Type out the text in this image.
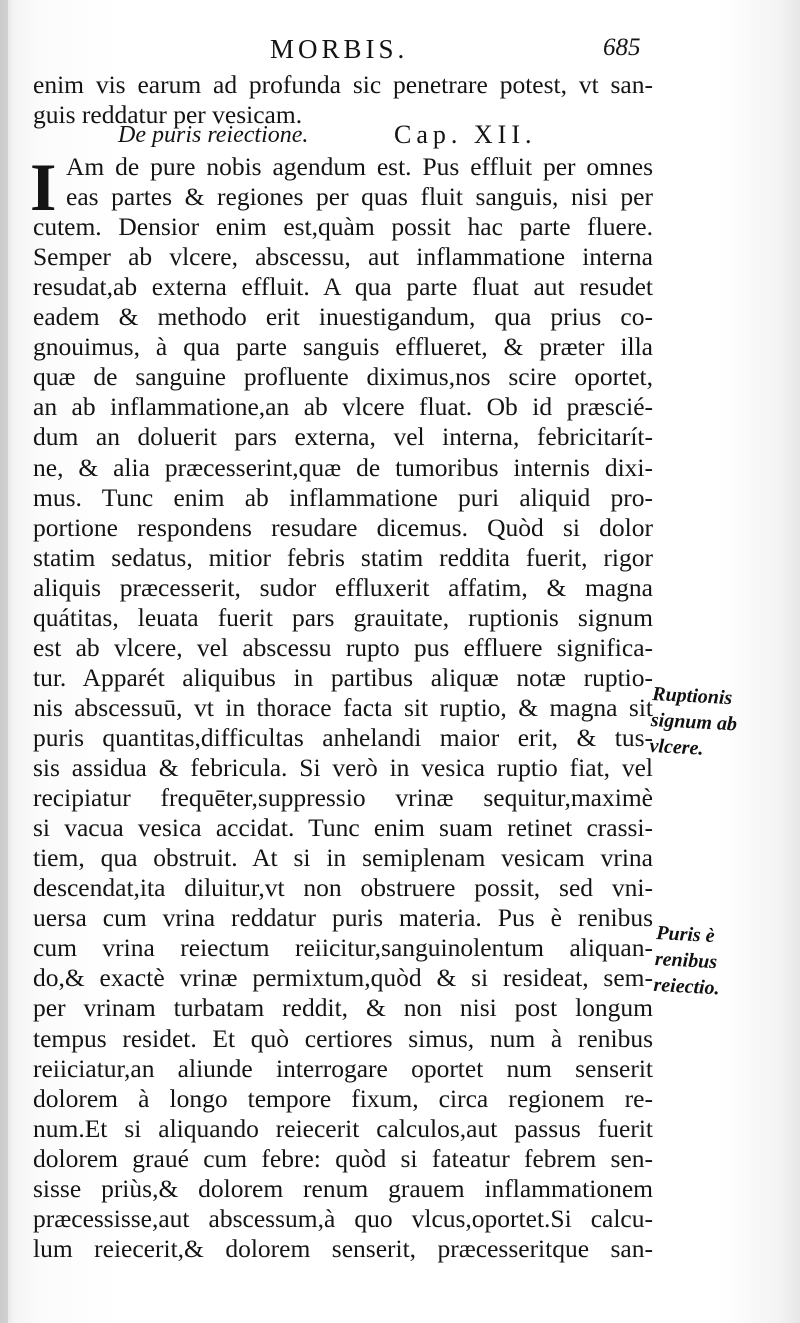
MORBIS.	685
enim vis earum ad profunda sic penetrare potest, vt san-
guis reddatur per vesicam.
De puris reiectione.	Cap. XII.
I Am de pure nobis agendum est. Pus effluit per omnes
eas partes & regiones per quas fluit sanguis, nisi per
cutem. Densior enim est,quàm possit hac parte fluere.
Semper ab vlcere, abscessu, aut inflammatione interna
resudat,ab externa effluit. A qua parte fluat aut resudet
eadem & methodo erit inuestigandum, qua prius co-
gnouimus, à qua parte sanguis efflueret, & præter illa
quæ de sanguine profluente diximus,nos scire oportet,
an ab inflammatione,an ab vlcere fluat. Ob id præscié-
dum an doluerit pars externa, vel interna, febricitarít-
ne, & alia præcesserint,quæ de tumoribus internis dixi-
mus. Tunc enim ab inflammatione puri aliquid pro-
portione respondens resudare dicemus. Quòd si dolor
statim sedatus, mitior febris statim reddita fuerit, rigor
aliquis præcesserit, sudor effluxerit affatim, & magna
quátitas, leuata fuerit pars grauitate, ruptionis signum
est ab vlcere, vel abscessu rupto pus effluere significa-
tur. Apparét aliquibus in partibus aliquæ notæ ruptio-
nis abscessuū, vt in thorace facta sit ruptio, & magna sit
puris quantitas,difficultas anhelandi maior erit, & tus-
sis assidua & febricula. Si verò in vesica ruptio fiat, vel
recipiatur frequēter,suppressio vrinæ sequitur,maximè
si vacua vesica accidat. Tunc enim suam retinet crassi-
tiem, qua obstruit. At si in semiplenam vesicam vrina
descendat,ita diluitur,vt non obstruere possit, sed vni-
uersa cum vrina reddatur puris materia. Pus è renibus
cum vrina reiectum reiicitur,sanguinolentum aliquan-
do,& exactè vrinæ permixtum,quòd & si resideat, sem-
per vrinam turbatam reddit, & non nisi post longum
tempus residet. Et quò certiores simus, num à renibus
reiiciatur,an aliunde interrogare oportet num senserit
dolorem à longo tempore fixum, circa regionem re-
num.Et si aliquando reiecerit calculos,aut passus fuerit
dolorem graué cum febre: quòd si fateatur febrem sen-
sisse priùs,& dolorem renum grauem inflammationem
præcessisse,aut abscessum,à quo vlcus,oportet.Si calcu-
lum reiecerit,& dolorem senserit, præcesseritque san-
Ruptionis
signum ab
vlcere.
Puris è
renibus
reiectio.
